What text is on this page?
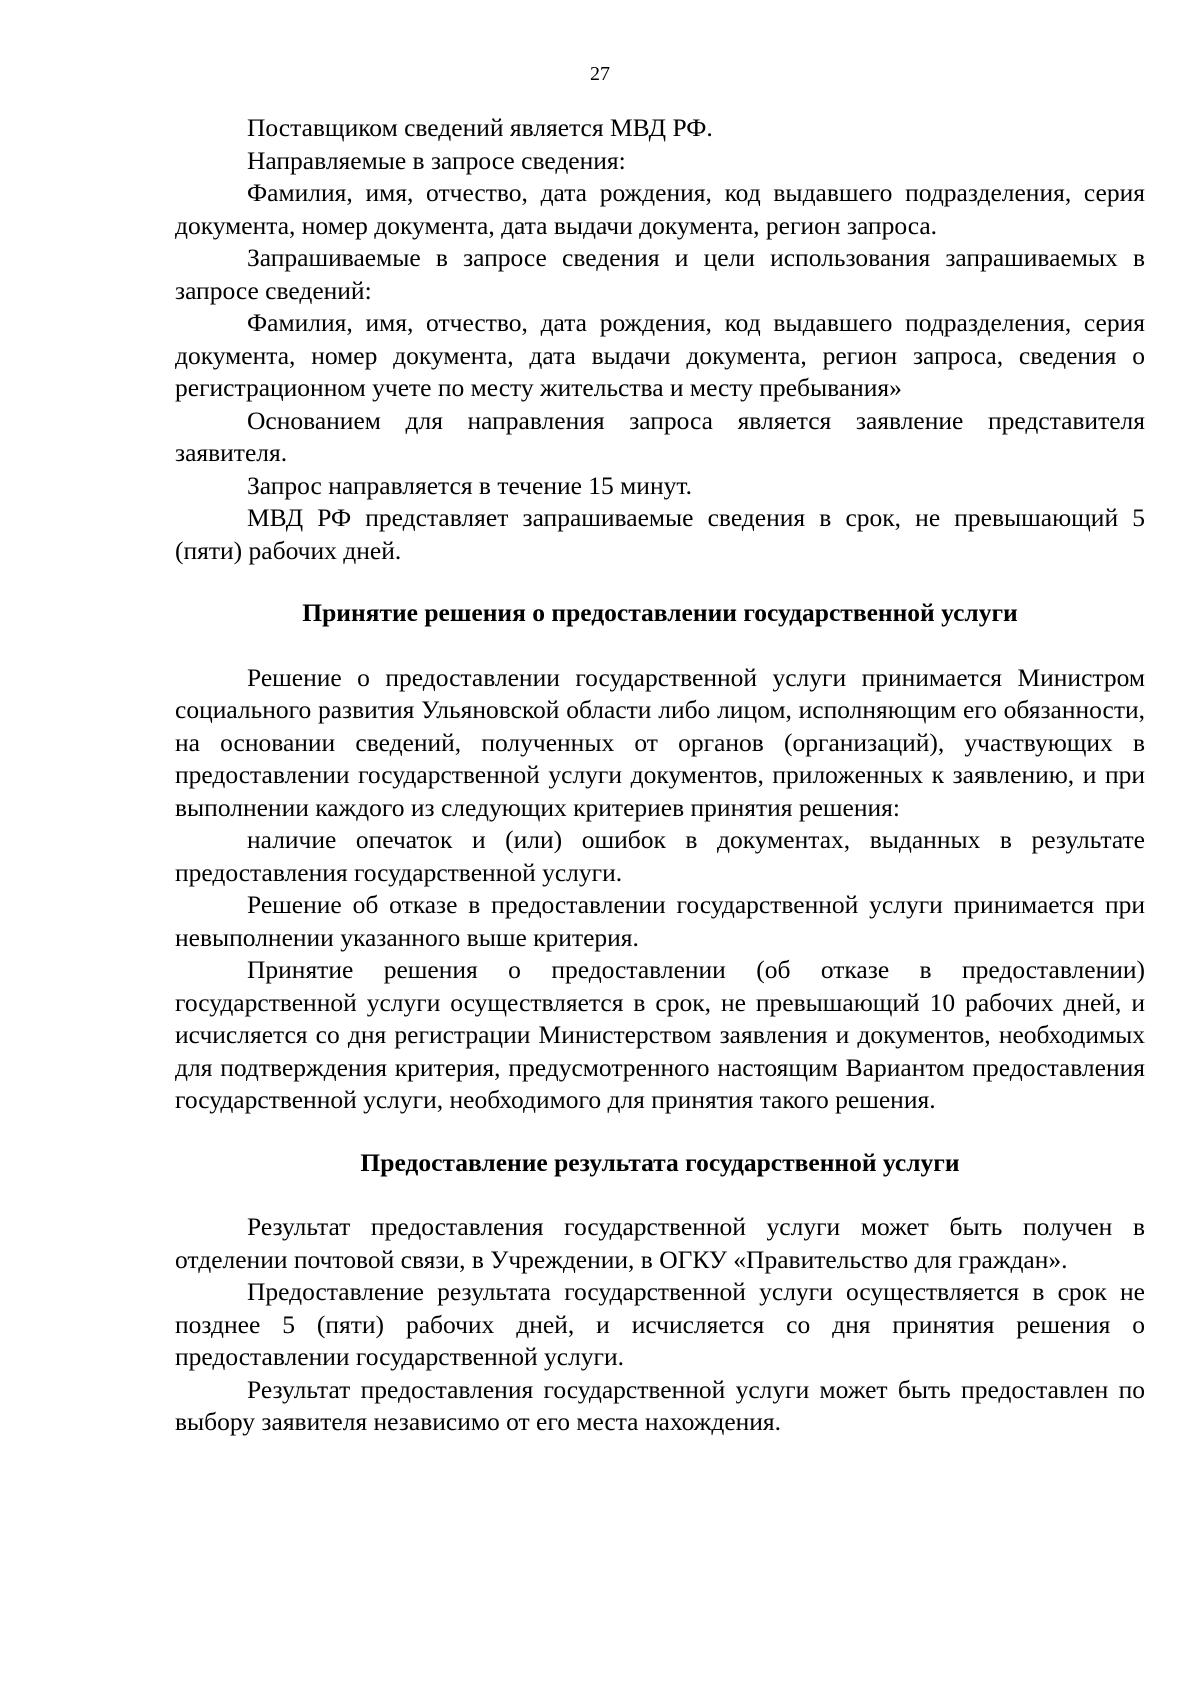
27

Поставщиком сведений является МВД РФ.

Направляемые в запросе сведения:

Фамилия, имя, отчество, дата рождения, код выдавшего подразделения, серия документа, номер документа, дата выдачи документа, регион запроса.

Запрашиваемые в запросе сведения и цели использования запрашиваемых в запросе сведений:

Фамилия, имя, отчество, дата рождения, код выдавшего подразделения, серия документа, номер документа, дата выдачи документа, регион запроса, сведения о регистрационном учете по месту жительства и месту пребывания»

Основанием для направления запроса является заявление представителя заявителя.

Запрос направляется в течение 15 минут.

МВД РФ представляет запрашиваемые сведения в срок, не превышающий 5 (пяти) рабочих дней.

Принятие решения о предоставлении государственной услуги

Решение о предоставлении государственной услуги принимается Министром социального развития Ульяновской области либо лицом, исполняющим его обязанности, на основании сведений, полученных от органов (организаций), участвующих в предоставлении государственной услуги документов, приложенных к заявлению, и при выполнении каждого из следующих критериев принятия решения:

наличие опечаток и (или) ошибок в документах, выданных в результате предоставления государственной услуги.

Решение об отказе в предоставлении государственной услуги принимается при невыполнении указанного выше критерия.

Принятие решения о предоставлении (об отказе в предоставлении) государственной услуги осуществляется в срок, не превышающий 10 рабочих дней, и исчисляется со дня регистрации Министерством заявления и документов, необходимых для подтверждения критерия, предусмотренного настоящим Вариантом предоставления государственной услуги, необходимого для принятия такого решения.

Предоставление результата государственной услуги

Результат предоставления государственной услуги может быть получен в отделении почтовой связи, в Учреждении, в ОГКУ «Правительство для граждан».

Предоставление результата государственной услуги осуществляется в срок не позднее 5 (пяти) рабочих дней, и исчисляется со дня принятия решения о предоставлении государственной услуги.

Результат предоставления государственной услуги может быть предоставлен по выбору заявителя независимо от его места нахождения.
